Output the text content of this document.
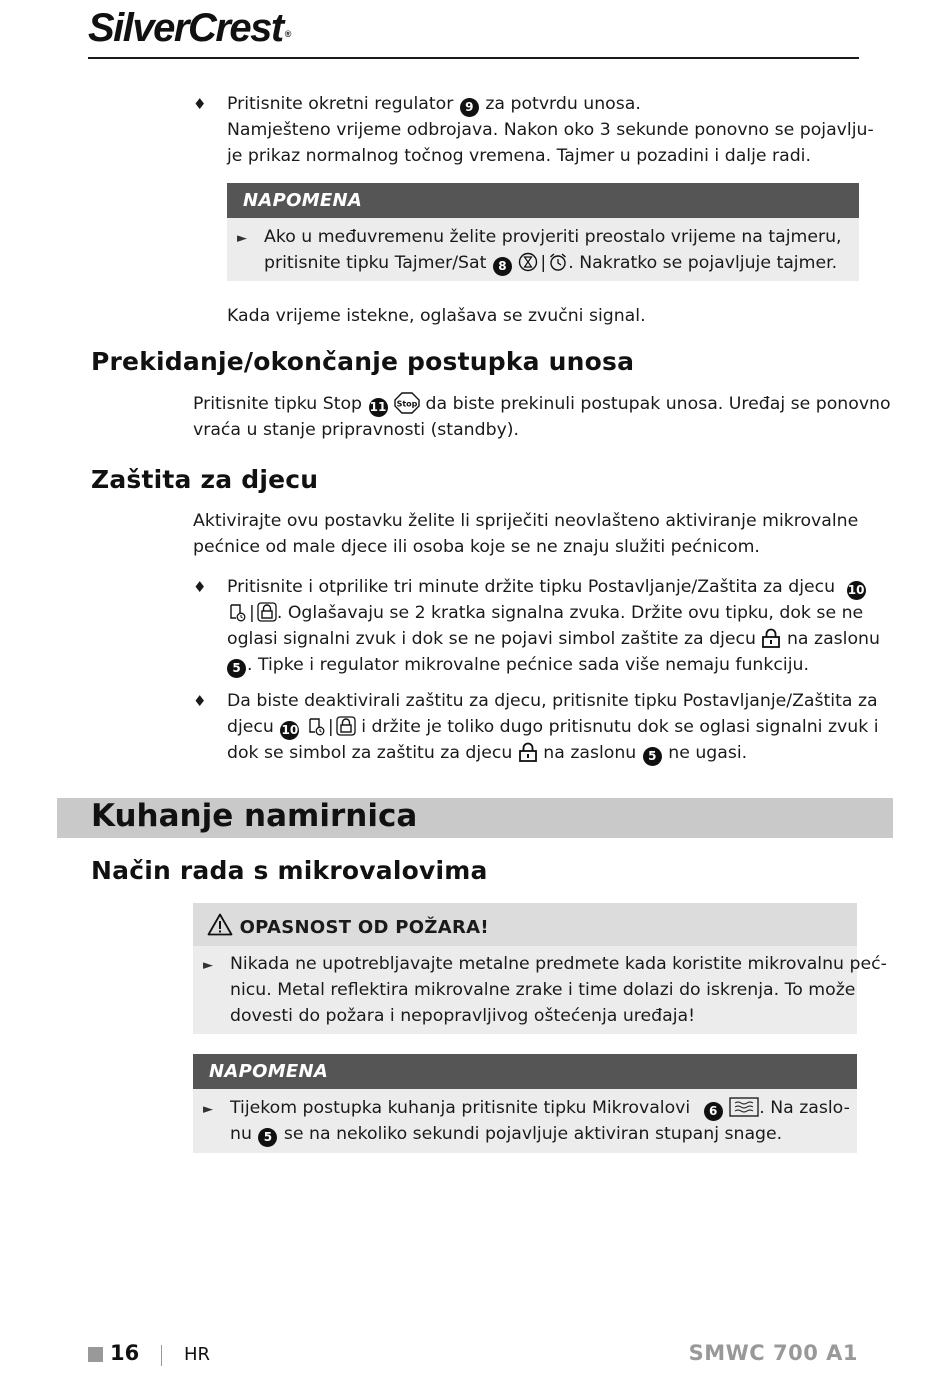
SilverCrest ®
♦ Pritisnite okretni regulator 9 za potvrdu unosa.
Namješteno vrijeme odbrojava. Nakon oko 3 sekunde ponovno se pojavlju-
je prikaz normalnog točnog vremena. Tajmer u pozadini i dalje radi.
NAPOMENA
► Ako u međuvremenu želite provjeriti preostalo vrijeme na tajmeru,
pritisnite tipku Tajmer/Sat 8 | . Nakratko se pojavljuje tajmer.
Kada vrijeme istekne, oglašava se zvučni signal.
Prekidanje/okončanje postupka unosa
Pritisnite tipku Stop 11 Stop da biste prekinuli postupak unosa. Uređaj se ponovno
vraća u stanje pripravnosti (standby).
Zaštita za djecu
Aktivirajte ovu postavku želite li spriječiti neovlašteno aktiviranje mikrovalne
pećnice od male djece ili osoba koje se ne znaju služiti pećnicom.
♦ Pritisnite i otprilike tri minute držite tipku Postavljanje/Zaštita za djecu 10
| . Oglašavaju se 2 kratka signalna zvuka. Držite ovu tipku, dok se ne
oglasi signalni zvuk i dok se ne pojavi simbol zaštite za djecu na zaslonu
5 . Tipke i regulator mikrovalne pećnice sada više nemaju funkciju.
♦ Da biste deaktivirali zaštitu za djecu, pritisnite tipku Postavljanje/Zaštita za
djecu 10 | i držite je toliko dugo pritisnutu dok se oglasi signalni zvuk i
dok se simbol za zaštitu za djecu na zaslonu 5 ne ugasi.
Kuhanje namirnica
Način rada s mikrovalovima
OPASNOST OD POŽARA!
► Nikada ne upotrebljavajte metalne predmete kada koristite mikrovalnu peć-
nicu. Metal reflektira mikrovalne zrake i time dolazi do iskrenja. To može
dovesti do požara i nepopravljivog oštećenja uređaja!
NAPOMENA
► Tijekom postupka kuhanja pritisnite tipku Mikrovalovi 6 . Na zaslo-
nu 5 se na nekoliko sekundi pojavljuje aktiviran stupanj snage.
16 HR	SMWC 700 A1
